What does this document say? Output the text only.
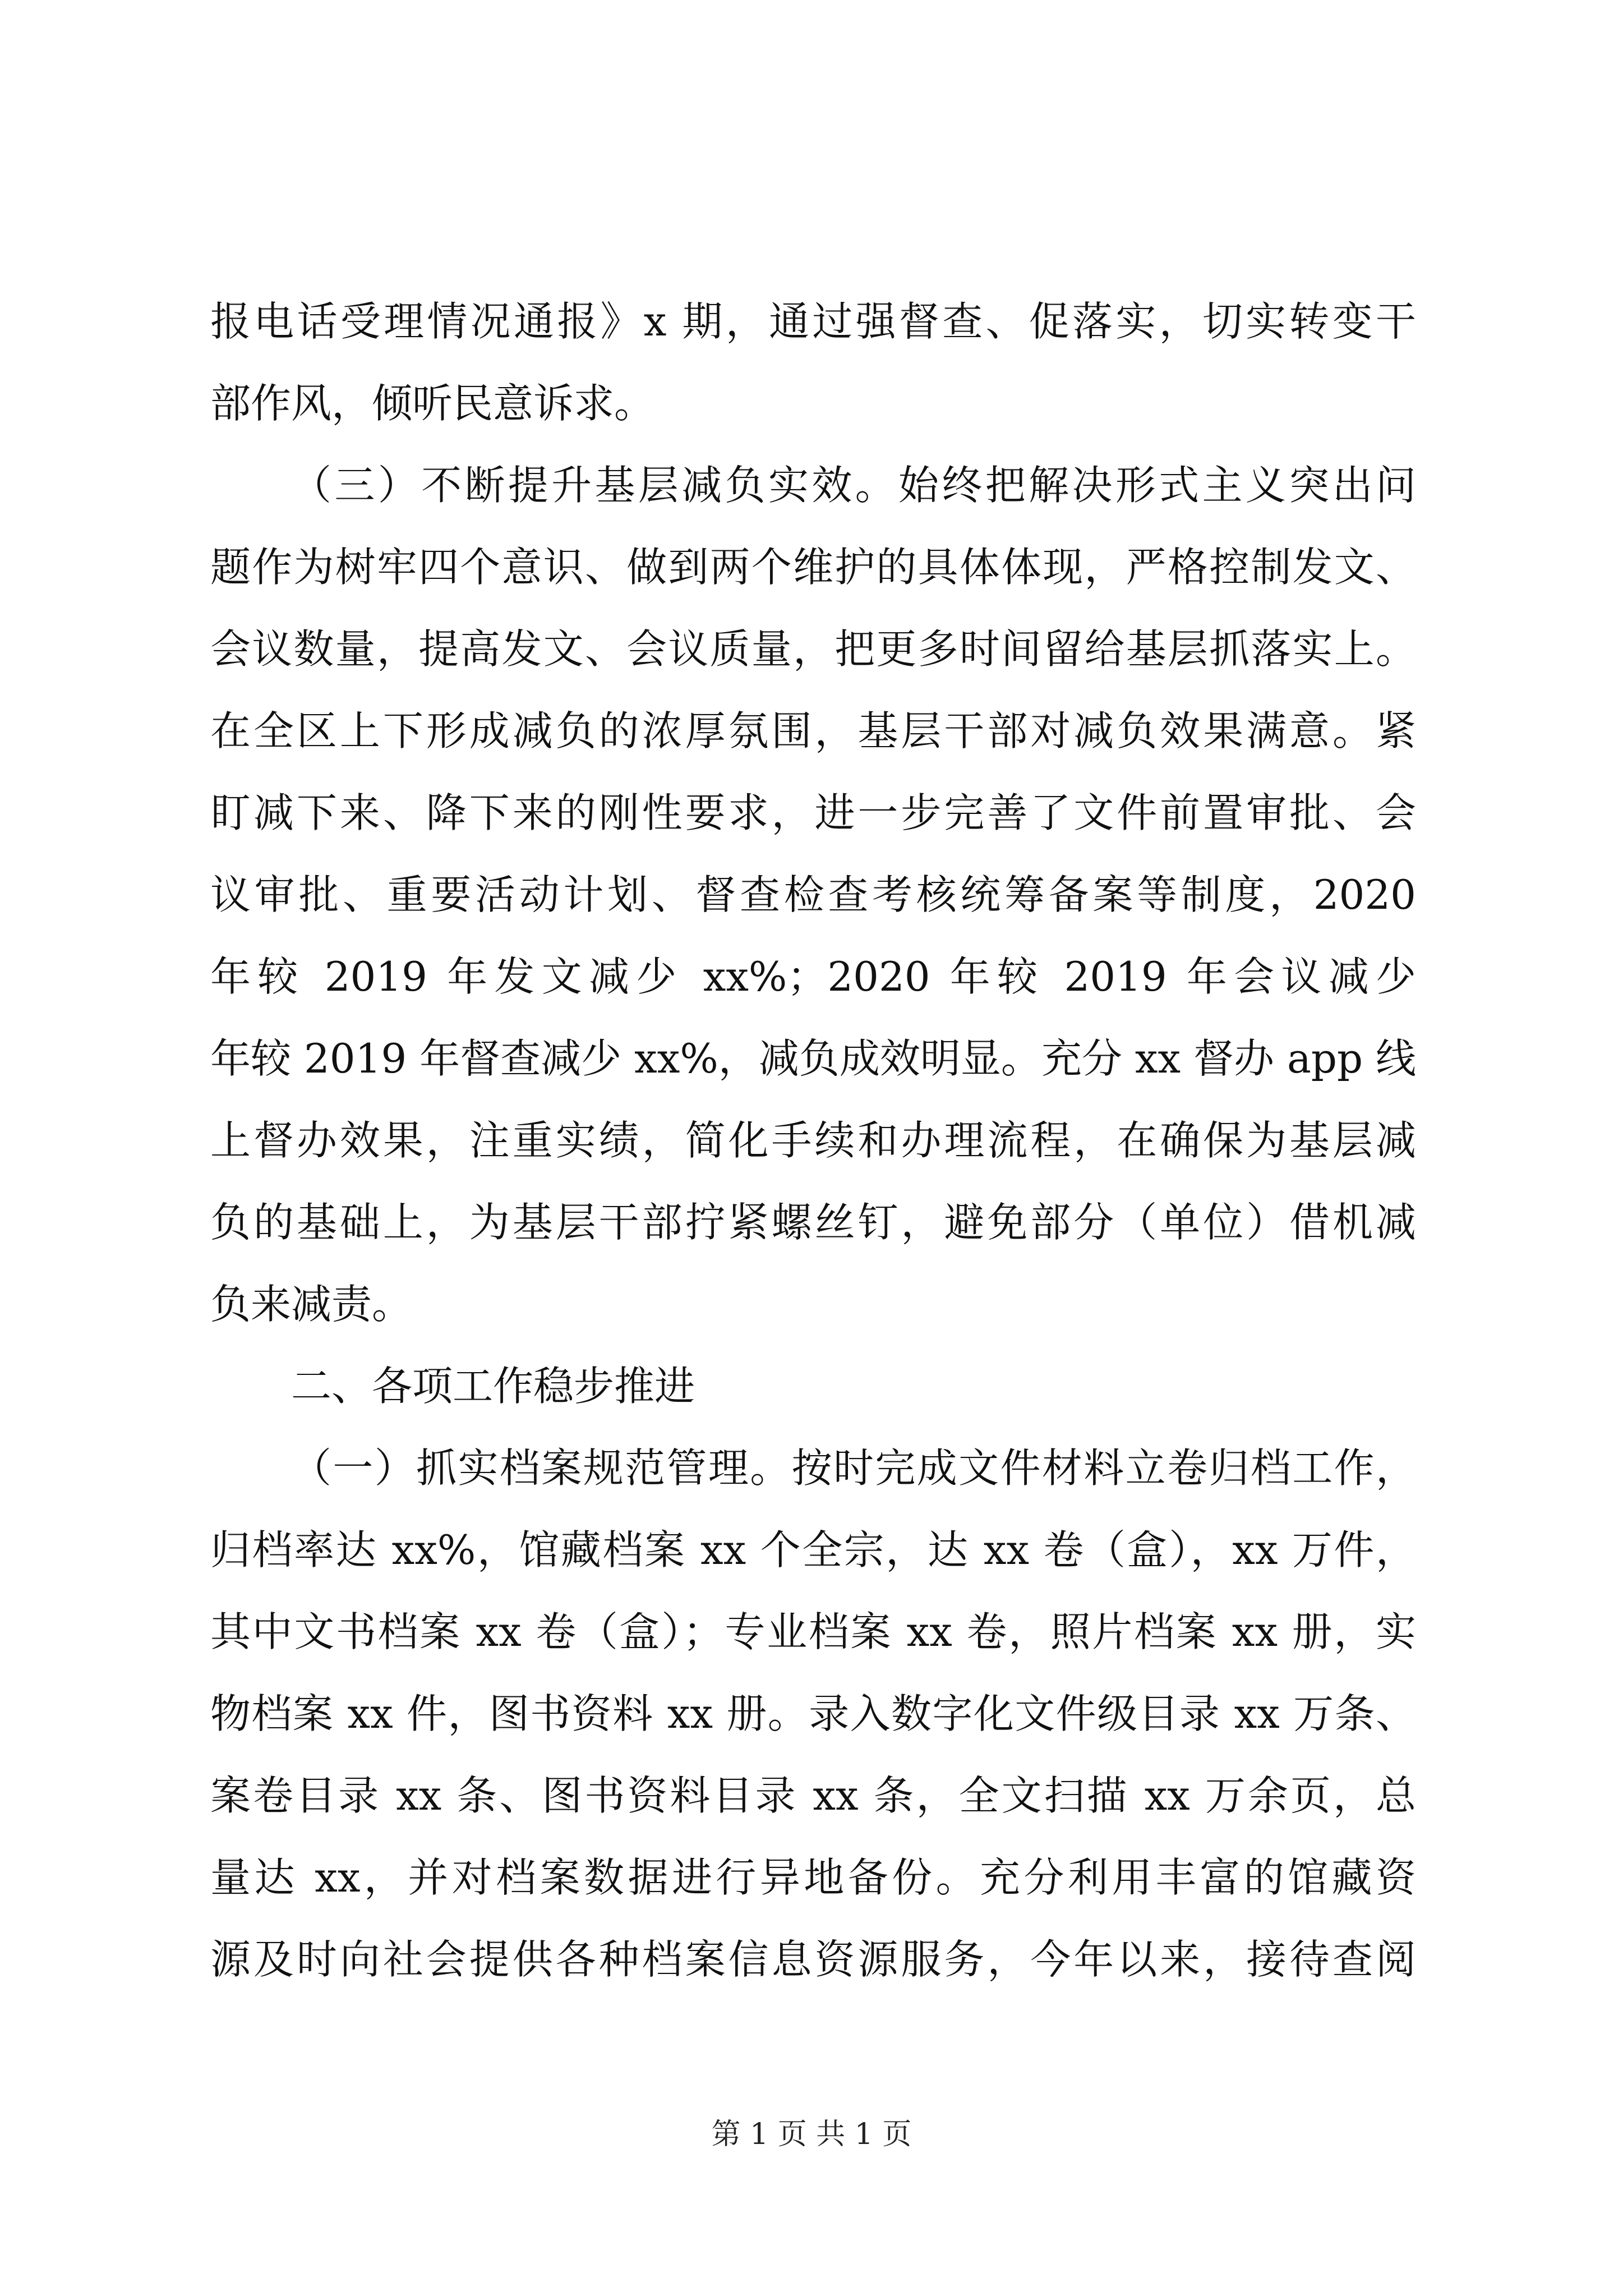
报电话受理情况通报》x 期，通过强督查、促落实，切实转变干
部作风，倾听民意诉求。
（三）不断提升基层减负实效。始终把解决形式主义突出问
题作为树牢四个意识、做到两个维护的具体体现，严格控制发文、
会议数量，提高发文、会议质量，把更多时间留给基层抓落实上。
在全区上下形成减负的浓厚氛围，基层干部对减负效果满意。紧
盯减下来、降下来的刚性要求，进一步完善了文件前置审批、会
议审批、重要活动计划、督查检查考核统筹备案等制度，2020
年较 2019 年发文减少 xx%；2020 年较 2019 年会议减少
年较 2019 年督查减少 xx%，减负成效明显。充分 xx 督办 app 线
上督办效果，注重实绩，简化手续和办理流程，在确保为基层减
负的基础上，为基层干部拧紧螺丝钉，避免部分（单位）借机减
负来减责。
二、各项工作稳步推进
（一）抓实档案规范管理。按时完成文件材料立卷归档工作，
归档率达 xx%，馆藏档案 xx 个全宗，达 xx 卷（盒），xx 万件，
其中文书档案 xx 卷（盒）；专业档案 xx 卷，照片档案 xx 册，实
物档案 xx 件，图书资料 xx 册。录入数字化文件级目录 xx 万条、
案卷目录 xx 条、图书资料目录 xx 条，全文扫描 xx 万余页，总
量达 xx，并对档案数据进行异地备份。充分利用丰富的馆藏资
源及时向社会提供各种档案信息资源服务，今年以来，接待查阅
第 1 页 共 1 页
